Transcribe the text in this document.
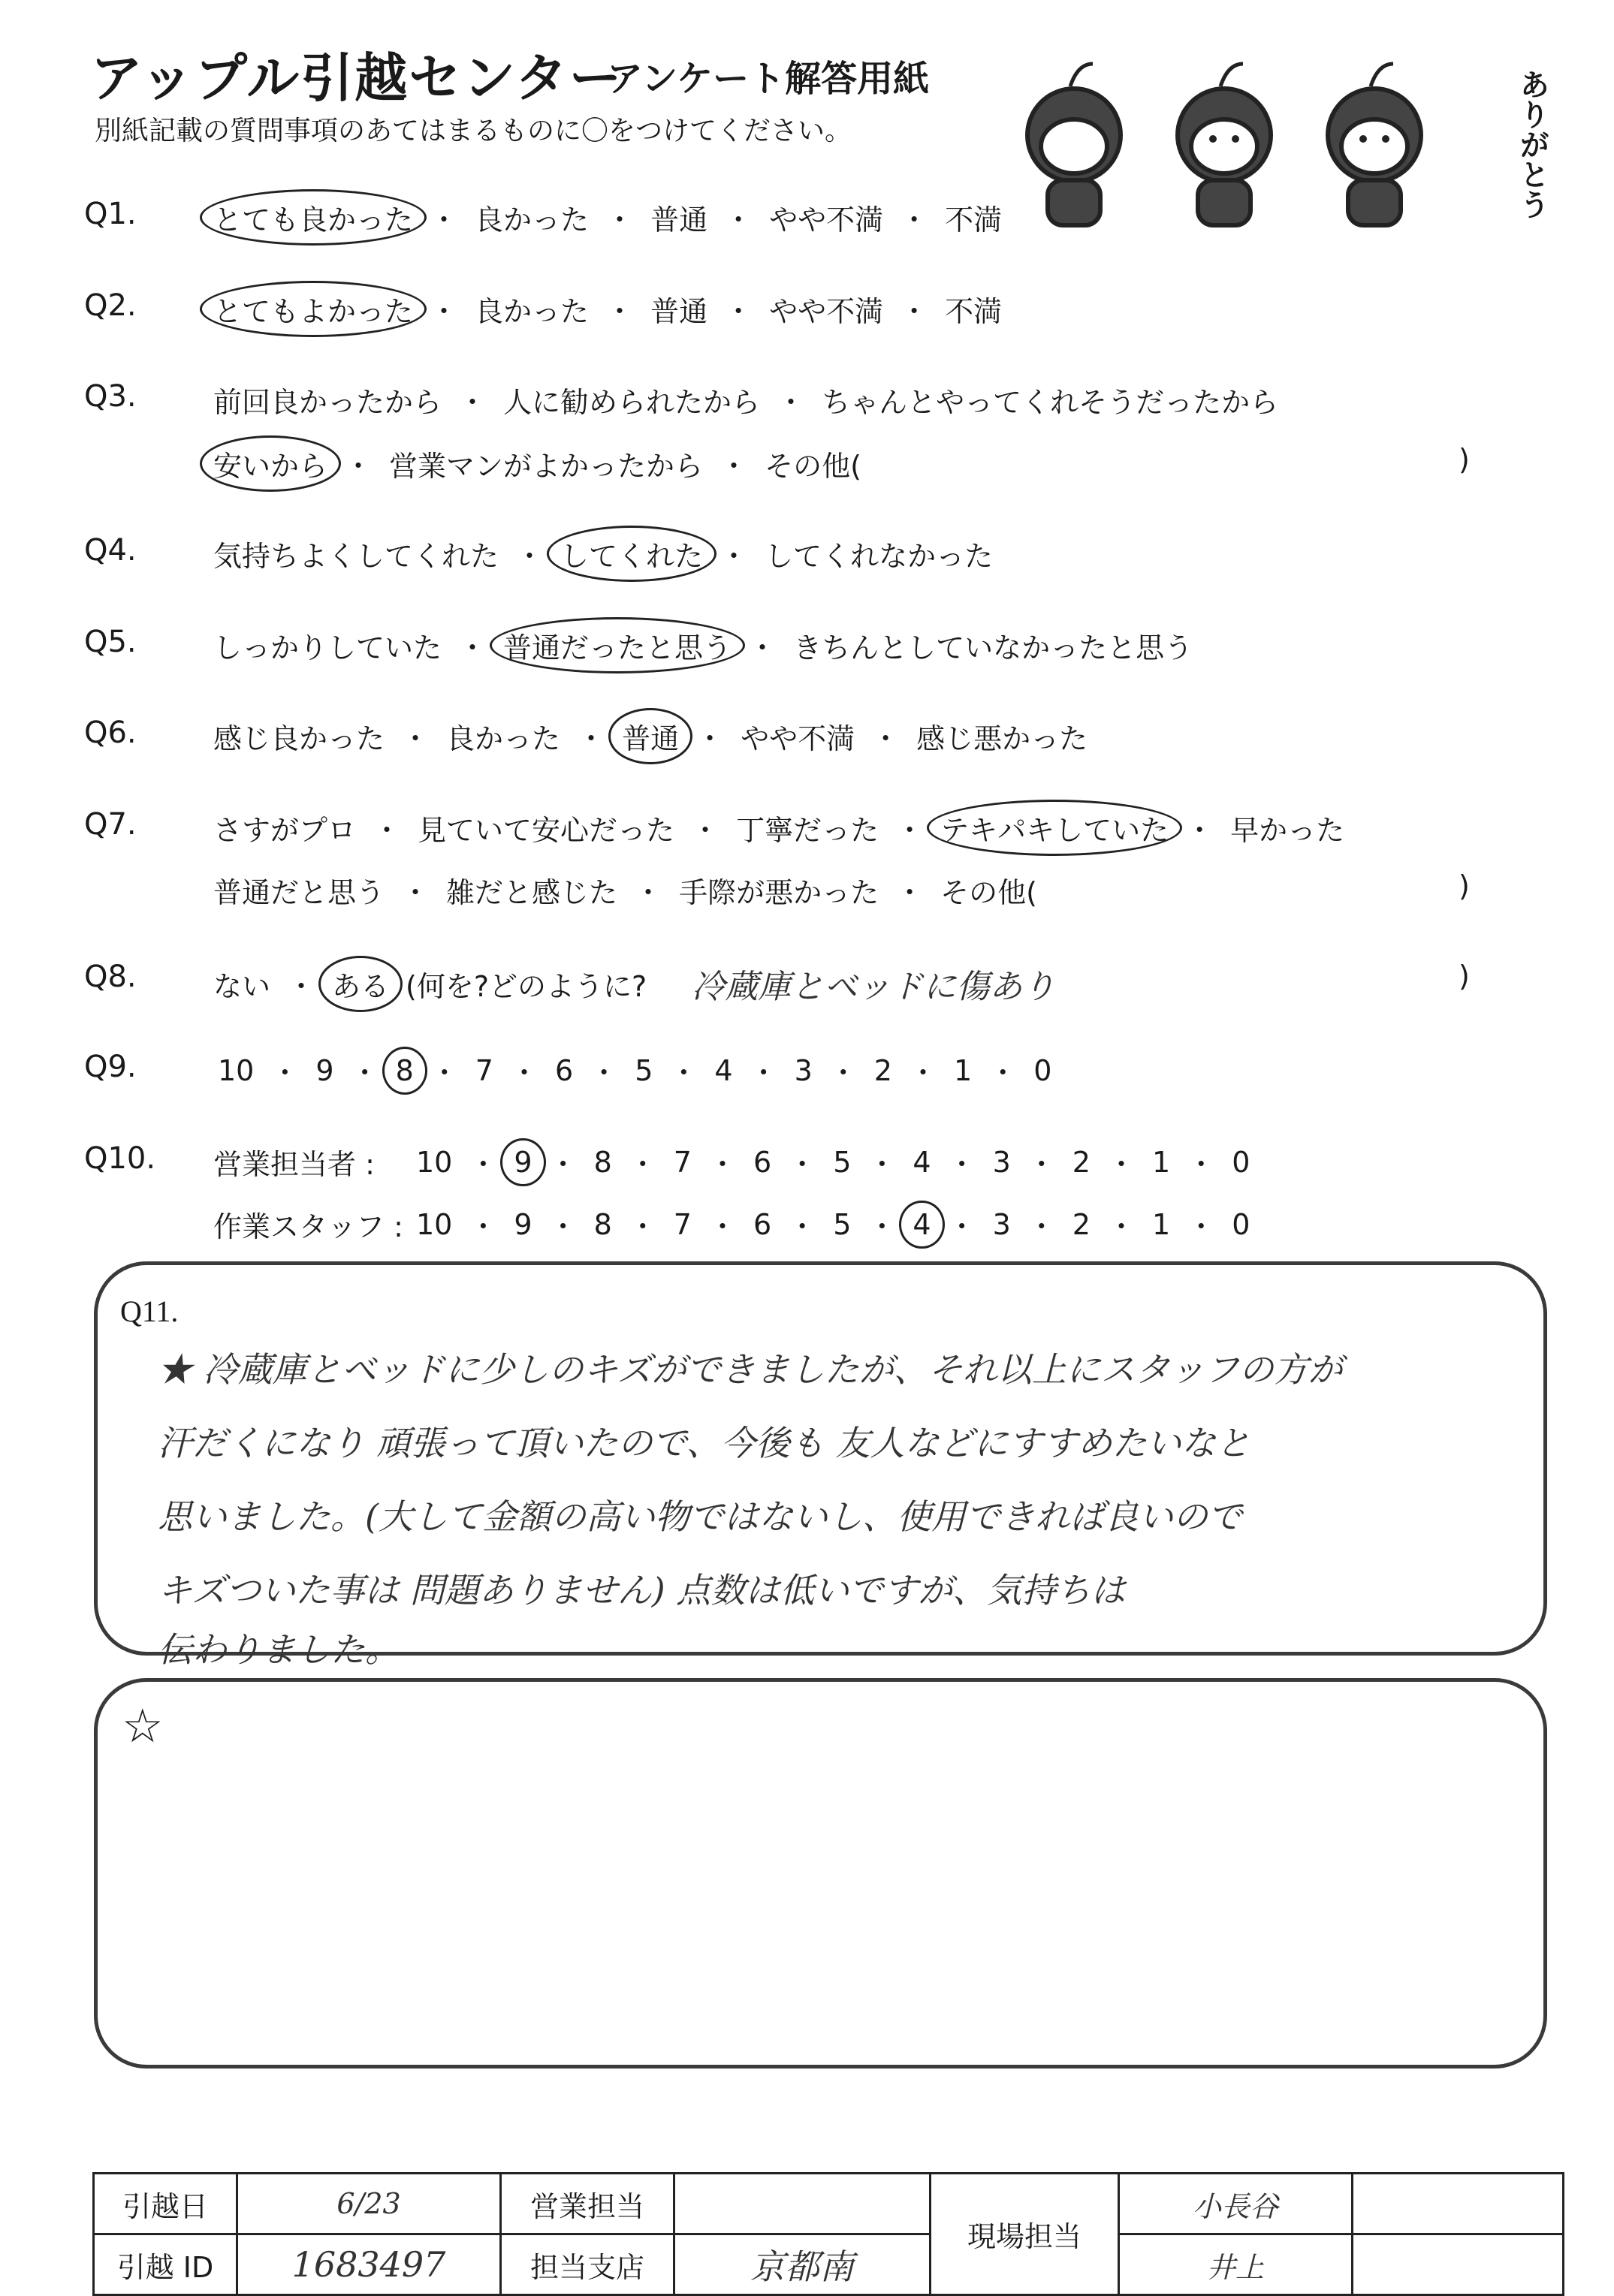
アップル引越センター
アンケート解答用紙
別紙記載の質問事項のあてはまるものに〇をつけてください。	ありがとう
Q1.	とても良かった ・ 良かった ・ 普通 ・ やや不満 ・ 不満
Q2.	とてもよかった ・ 良かった ・ 普通 ・ やや不満 ・ 不満
Q3.	前回良かったから ・ 人に勧められたから ・ ちゃんとやってくれそうだったから
安いから ・ 営業マンがよかったから ・ その他(	)
Q4.	気持ちよくしてくれた ・ してくれた ・ してくれなかった
Q5.	しっかりしていた ・ 普通だったと思う ・ きちんとしていなかったと思う
Q6.	感じ良かった ・ 良かった ・ 普通 ・ やや不満 ・ 感じ悪かった
Q7.	さすがプロ ・ 見ていて安心だった ・ 丁寧だった ・ テキパキしていた ・ 早かった
普通だと思う ・ 雑だと感じた ・ 手際が悪かった ・ その他(	)
Q8.	ない ・ ある (何を?どのように? 冷蔵庫とベッドに傷あり	)
Q9.	10 ・ 9 ・ 8 ・ 7 ・ 6 ・ 5 ・ 4 ・ 3 ・ 2 ・ 1 ・ 0
Q10. 営業担当者 :	10 ・ 9 ・ 8 ・ 7 ・ 6 ・ 5 ・ 4 ・ 3 ・ 2 ・ 1 ・ 0
作業スタッフ : 10 ・ 9 ・ 8 ・ 7 ・ 6 ・ 5 ・ 4 ・ 3 ・ 2 ・ 1 ・ 0
Q11.
★ 冷蔵庫とベッドに少しのキズができましたが、それ以上にスタッフの方が
汗だくになり 頑張って頂いたので、今後も 友人などにすすめたいなと
思いました。(大して金額の高い物ではないし、使用できれば良いので
キズついた事は 問題ありません) 点数は低いですが、気持ちは
伝わりました。
☆
引越日	6/23	営業担当		現場担当	小長谷	
引越 ID	1683497	担当支店	京都南		井上	
